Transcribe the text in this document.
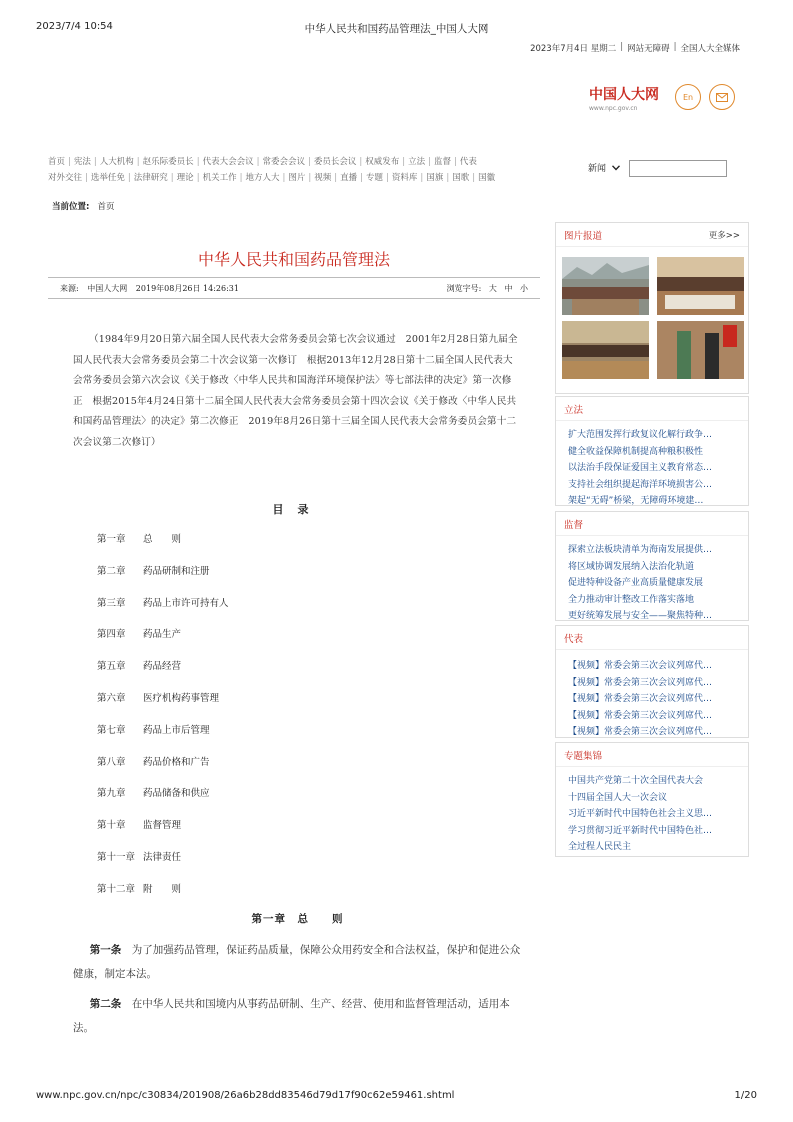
2023/7/4 10:54	中华人民共和国药品管理法_中国人大网
2023年7月4日 星期二 | 网站无障碍 | 全国人大全媒体
中国人大网
www.npc.gov.cn
En
首页 | 宪法 | 人大机构 | 赵乐际委员长 | 代表大会会议 | 常委会会议 | 委员长会议 | 权威发布 | 立法 | 监督 | 代表
对外交往 | 选举任免 | 法律研究 | 理论 | 机关工作 | 地方人大 | 图片 | 视频 | 直播 | 专题 | 资料库 | 国旗 | 国歌 | 国徽
新闻
当前位置: 首页
中华人民共和国药品管理法
来源: 中国人大网 2019年08月26日 14:26:31	浏览字号: 大 中 小
（1984年9月20日第六届全国人民代表大会常务委员会第七次会议通过　2001年2月28日第九届全国人民代表大会常务委员会第二十次会议第一次修订　根据2013年12月28日第十二届全国人民代表大会常务委员会第六次会议《关于修改〈中华人民共和国海洋环境保护法〉等七部法律的决定》第一次修正　根据2015年4月24日第十二届全国人民代表大会常务委员会第十四次会议《关于修改〈中华人民共和国药品管理法〉的决定》第二次修正　2019年8月26日第十三届全国人民代表大会常务委员会第十二次会议第二次修订）
目录
第一章 总　　则
第二章 药品研制和注册
第三章 药品上市许可持有人
第四章 药品生产
第五章 药品经营
第六章 医疗机构药事管理
第七章 药品上市后管理
第八章 药品价格和广告
第九章 药品储备和供应
第十章 监督管理
第十一章 法律责任
第十二章 附　　则
第一章　总　　则
第一条　为了加强药品管理，保证药品质量，保障公众用药安全和合法权益，保护和促进公众健康，制定本法。
第二条　在中华人民共和国境内从事药品研制、生产、经营、使用和监督管理活动，适用本法。
图片报道	更多>>
立法
扩大范围发挥行政复议化解行政争…
健全收益保障机制提高种粮积极性
以法治手段保证爱国主义教育常态…
支持社会组织提起海洋环境损害公…
架起“无碍”桥梁，无障碍环境建…
监督
探索立法板块清单为海南发展提供…
将区域协调发展纳入法治化轨道
促进特种设备产业高质量健康发展
全力推动审计整改工作落实落地
更好统筹发展与安全——聚焦特种…
代表
【视频】常委会第三次会议列席代…
【视频】常委会第三次会议列席代…
【视频】常委会第三次会议列席代…
【视频】常委会第三次会议列席代…
【视频】常委会第三次会议列席代…
专题集锦
中国共产党第二十次全国代表大会
十四届全国人大一次会议
习近平新时代中国特色社会主义思…
学习贯彻习近平新时代中国特色社…
全过程人民民主
www.npc.gov.cn/npc/c30834/201908/26a6b28dd83546d79d17f90c62e59461.shtml	1/20
